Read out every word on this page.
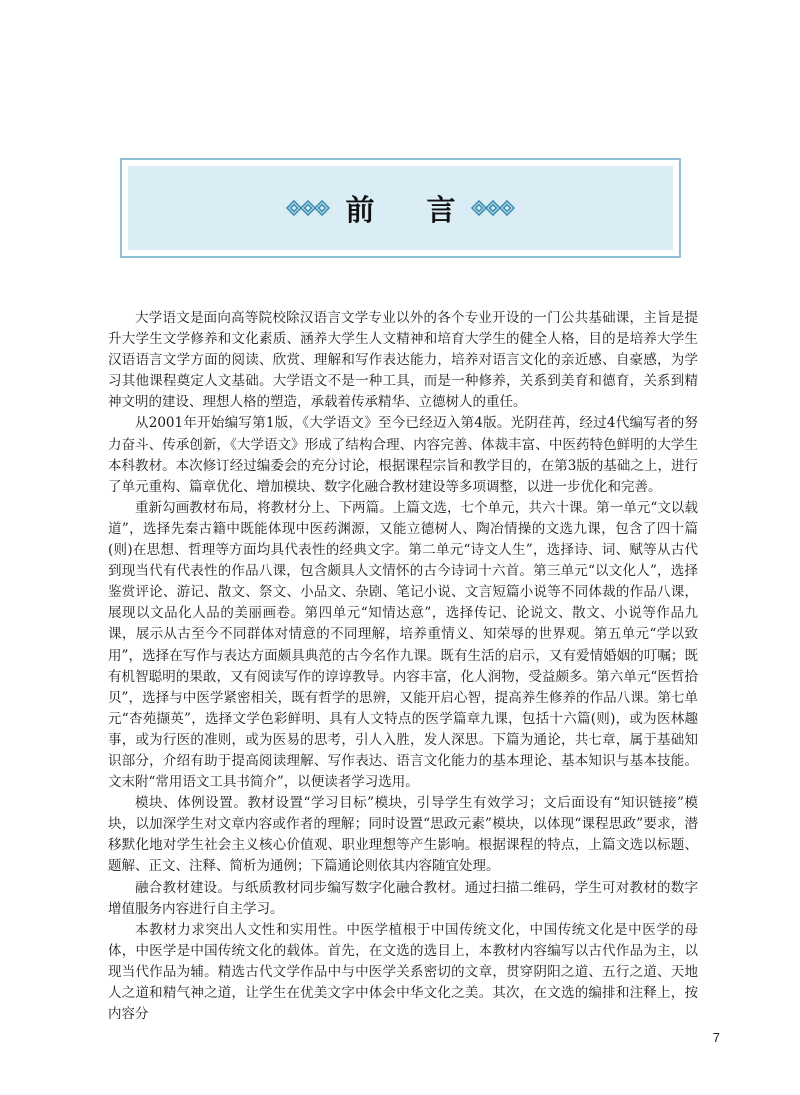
前言

大学语文是面向高等院校除汉语言文学专业以外的各个专业开设的一门公共基础课，主旨是提升大学生文学修养和文化素质、涵养大学生人文精神和培育大学生的健全人格，目的是培养大学生汉语语言文学方面的阅读、欣赏、理解和写作表达能力，培养对语言文化的亲近感、自豪感，为学习其他课程奠定人文基础。大学语文不是一种工具，而是一种修养，关系到美育和德育，关系到精神文明的建设、理想人格的塑造，承载着传承精华、立德树人的重任。

从2001年开始编写第1版，《大学语文》至今已经迈入第4版。光阴荏苒，经过4代编写者的努力奋斗、传承创新，《大学语文》形成了结构合理、内容完善、体裁丰富、中医药特色鲜明的大学生本科教材。本次修订经过编委会的充分讨论，根据课程宗旨和教学目的，在第3版的基础之上，进行了单元重构、篇章优化、增加模块、数字化融合教材建设等多项调整，以进一步优化和完善。

重新勾画教材布局，将教材分上、下两篇。上篇文选，七个单元，共六十课。第一单元“文以载道”，选择先秦古籍中既能体现中医药渊源，又能立德树人、陶冶情操的文选九课，包含了四十篇(则)在思想、哲理等方面均具代表性的经典文字。第二单元“诗文人生”，选择诗、词、赋等从古代到现当代有代表性的作品八课，包含颇具人文情怀的古今诗词十六首。第三单元“以文化人”，选择鉴赏评论、游记、散文、祭文、小品文、杂剧、笔记小说、文言短篇小说等不同体裁的作品八课，展现以文品化人品的美丽画卷。第四单元“知情达意”，选择传记、论说文、散文、小说等作品九课，展示从古至今不同群体对情意的不同理解，培养重情义、知荣辱的世界观。第五单元“学以致用”，选择在写作与表达方面颇具典范的古今名作九课。既有生活的启示，又有爱情婚姻的叮嘱；既有机智聪明的果敢，又有阅读写作的谆谆教导。内容丰富，化人润物，受益颇多。第六单元“医哲拾贝”，选择与中医学紧密相关，既有哲学的思辨，又能开启心智，提高养生修养的作品八课。第七单元“杏苑撷英”，选择文学色彩鲜明、具有人文特点的医学篇章九课，包括十六篇(则)，或为医林趣事，或为行医的准则，或为医易的思考，引人入胜，发人深思。下篇为通论，共七章，属于基础知识部分，介绍有助于提高阅读理解、写作表达、语言文化能力的基本理论、基本知识与基本技能。文末附“常用语文工具书简介”，以便读者学习选用。

模块、体例设置。教材设置“学习目标”模块，引导学生有效学习；文后面设有“知识链接”模块，以加深学生对文章内容或作者的理解；同时设置“思政元素”模块，以体现“课程思政”要求，潜移默化地对学生社会主义核心价值观、职业理想等产生影响。根据课程的特点，上篇文选以标题、题解、正文、注释、简析为通例；下篇通论则依其内容随宜处理。

融合教材建设。与纸质教材同步编写数字化融合教材。通过扫描二维码，学生可对教材的数字增值服务内容进行自主学习。

本教材力求突出人文性和实用性。中医学植根于中国传统文化，中国传统文化是中医学的母体，中医学是中国传统文化的载体。首先，在文选的选目上，本教材内容编写以古代作品为主，以现当代作品为辅。精选古代文学作品中与中医学关系密切的文章，贯穿阴阳之道、五行之道、天地人之道和精气神之道，让学生在优美文字中体会中华文化之美。其次，在文选的编排和注释上，按内容分

7
